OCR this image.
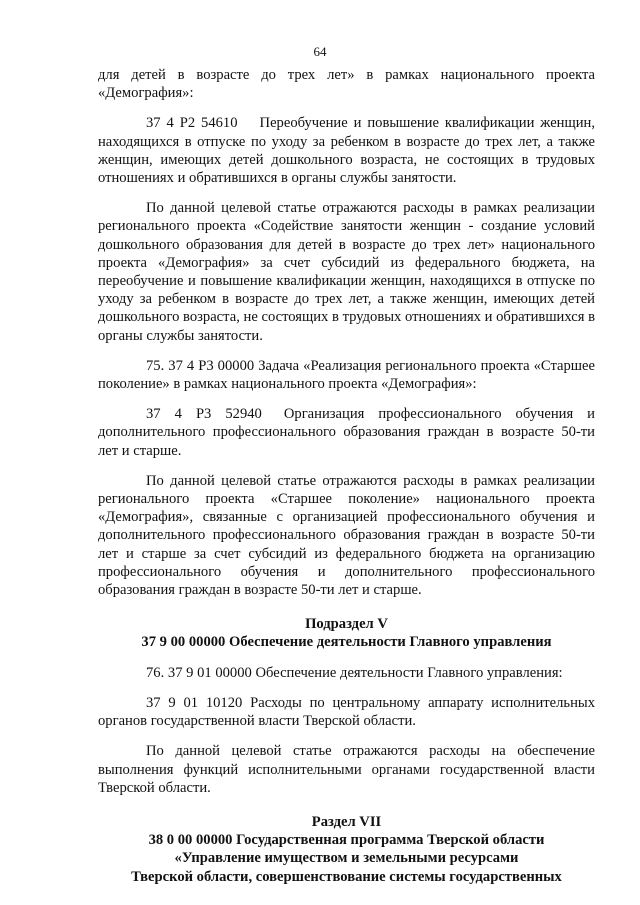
64

для детей в возрасте до трех лет» в рамках национального проекта «Демография»:

37 4 Р2 54610 Переобучение и повышение квалификации женщин, находящихся в отпуске по уходу за ребенком в возрасте до трех лет, а также женщин, имеющих детей дошкольного возраста, не состоящих в трудовых отношениях и обратившихся в органы службы занятости.

По данной целевой статье отражаются расходы в рамках реализации регионального проекта «Содействие занятости женщин - создание условий дошкольного образования для детей в возрасте до трех лет» национального проекта «Демография» за счет субсидий из федерального бюджета, на переобучение и повышение квалификации женщин, находящихся в отпуске по уходу за ребенком в возрасте до трех лет, а также женщин, имеющих детей дошкольного возраста, не состоящих в трудовых отношениях и обратившихся в органы службы занятости.

75. 37 4 Р3 00000 Задача «Реализация регионального проекта «Старшее поколение» в рамках национального проекта «Демография»:

37 4 Р3 52940 Организация профессионального обучения и дополнительного профессионального образования граждан в возрасте 50-ти лет и старше.

По данной целевой статье отражаются расходы в рамках реализации регионального проекта «Старшее поколение» национального проекта «Демография», связанные с организацией профессионального обучения и дополнительного профессионального образования граждан в возрасте 50-ти лет и старше за счет субсидий из федерального бюджета на организацию профессионального обучения и дополнительного профессионального образования граждан в возрасте 50-ти лет и старше.

Подраздел V
37 9 00 00000 Обеспечение деятельности Главного управления

76. 37 9 01 00000 Обеспечение деятельности Главного управления:

37 9 01 10120 Расходы по центральному аппарату исполнительных органов государственной власти Тверской области.

По данной целевой статье отражаются расходы на обеспечение выполнения функций исполнительными органами государственной власти Тверской области.

Раздел VII
38 0 00 00000 Государственная программа Тверской области
«Управление имуществом и земельными ресурсами
Тверской области, совершенствование системы государственных
